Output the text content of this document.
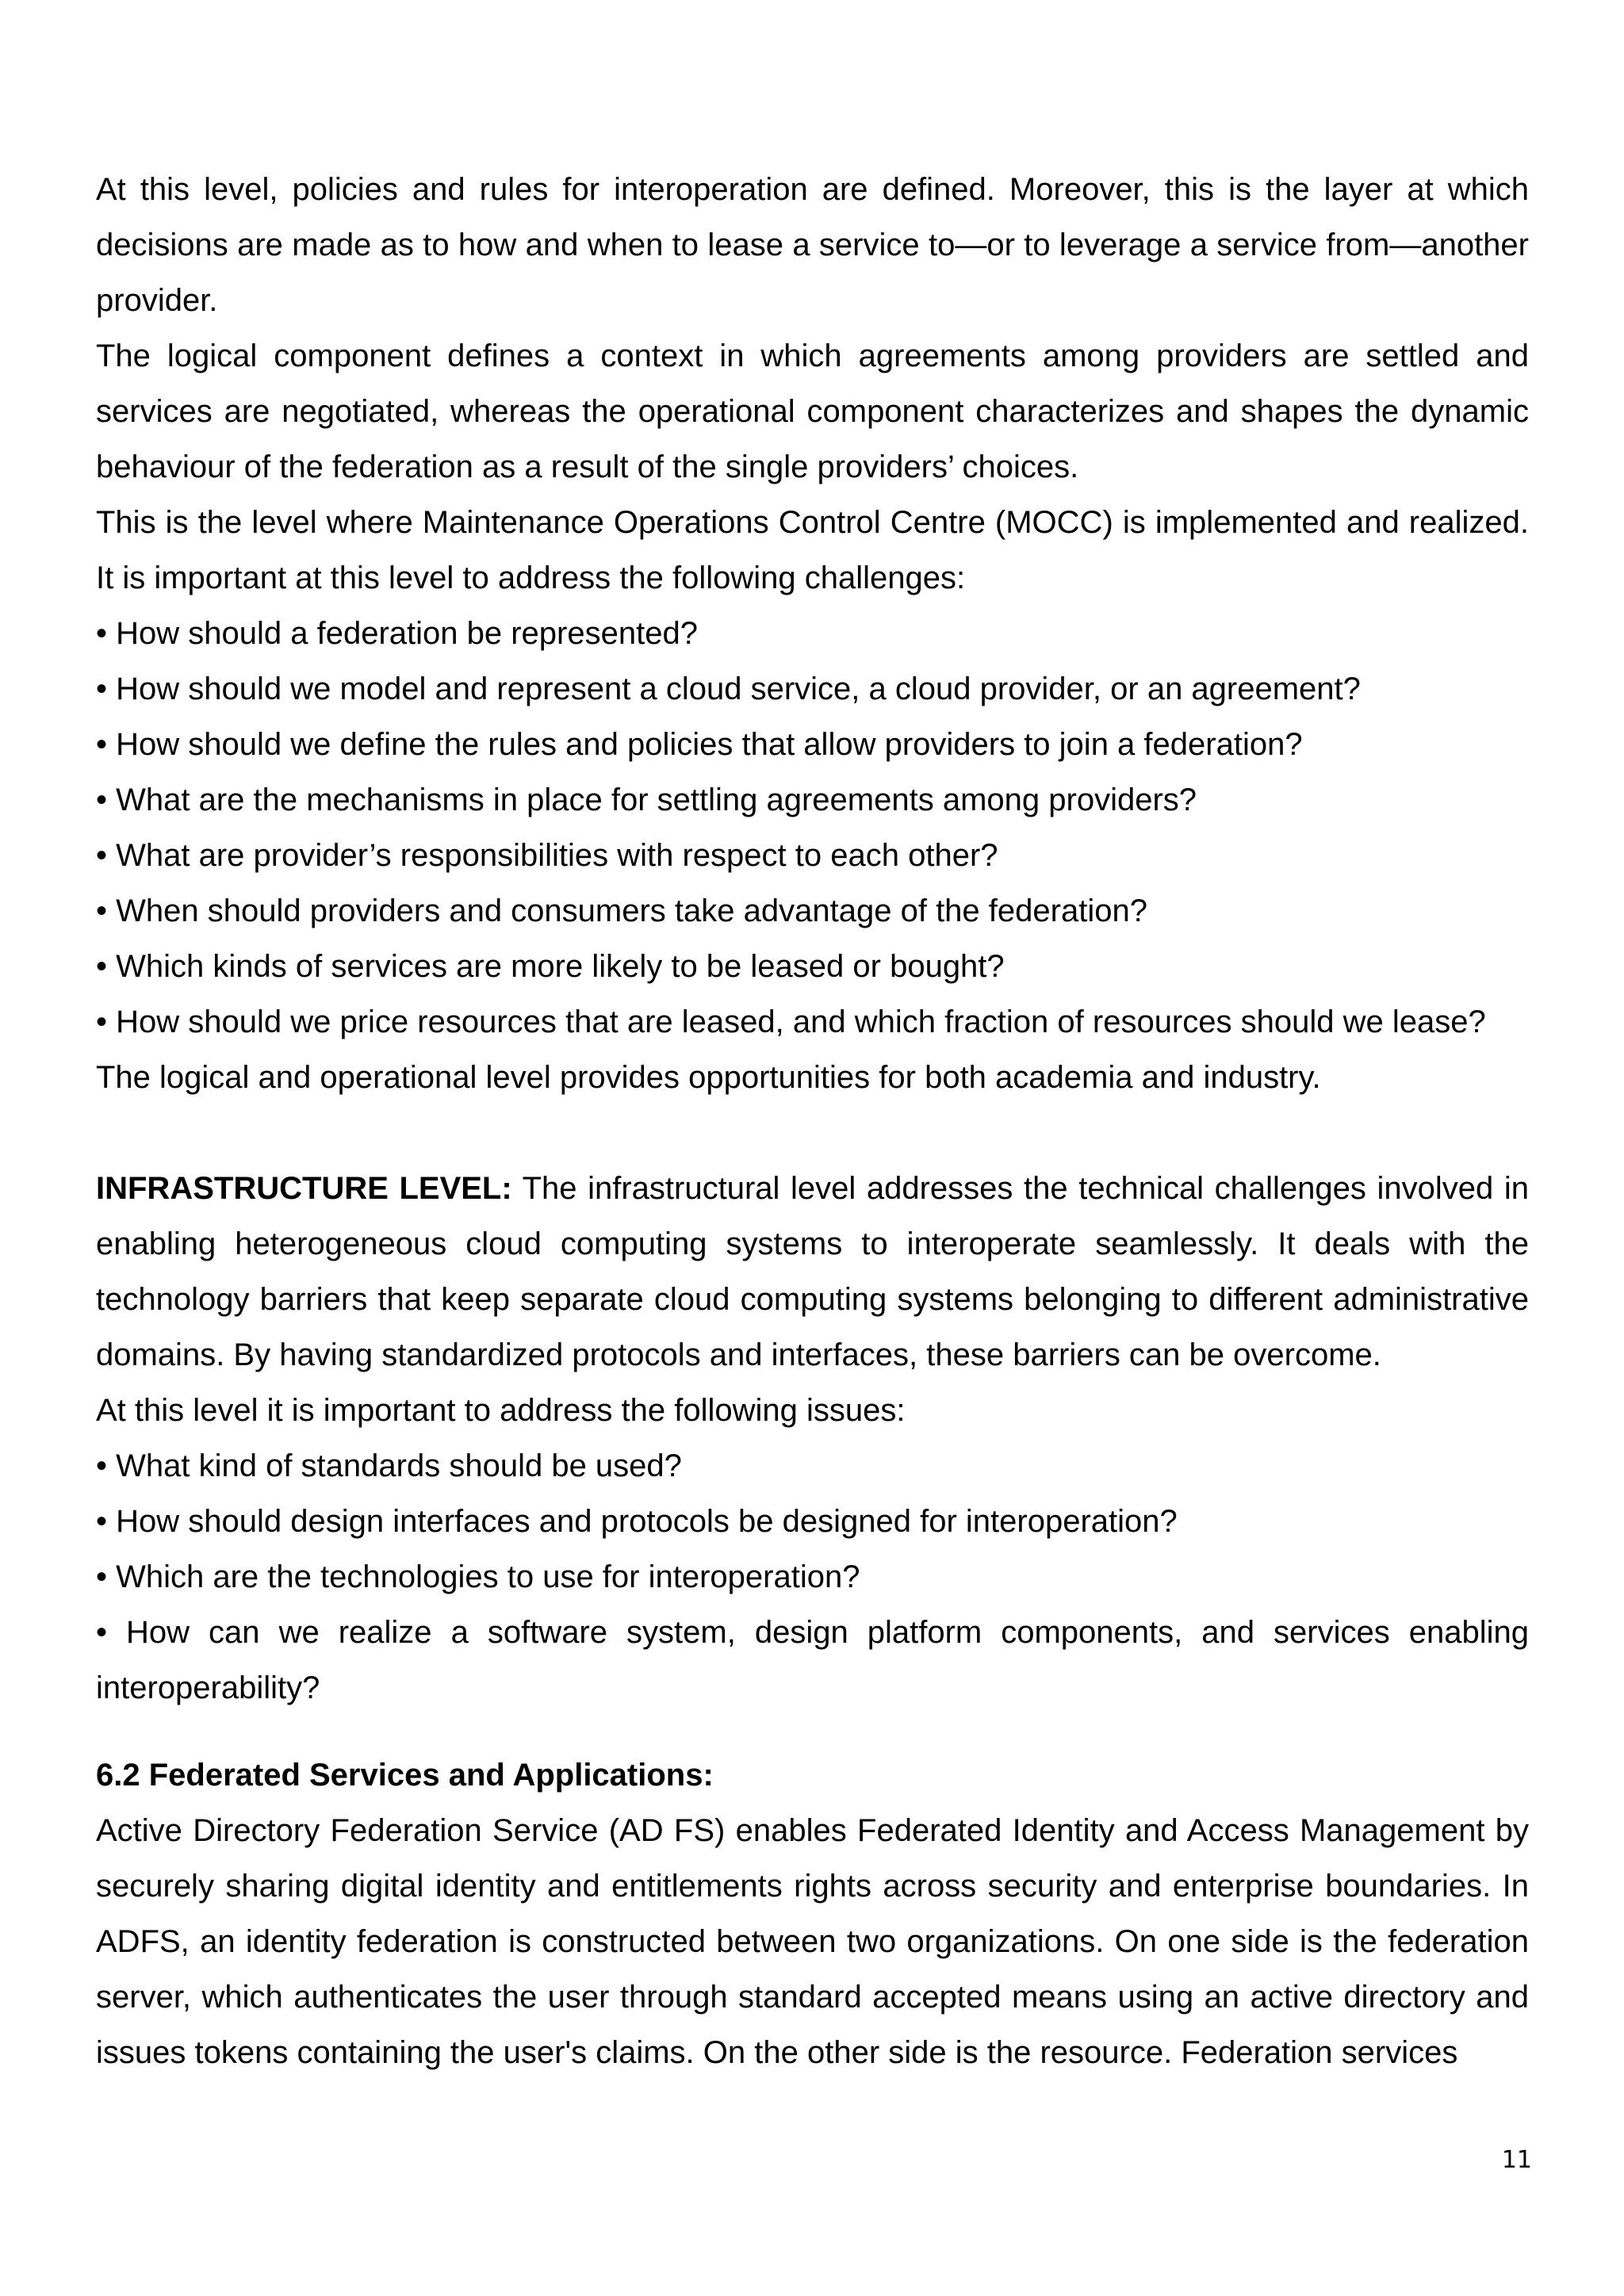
At this level, policies and rules for interoperation are defined. Moreover, this is the layer at which decisions are made as to how and when to lease a service to—or to leverage a service from—another provider.

The logical component defines a context in which agreements among providers are settled and services are negotiated, whereas the operational component characterizes and shapes the dynamic behaviour of the federation as a result of the single providers’ choices.

This is the level where Maintenance Operations Control Centre (MOCC) is implemented and realized. It is important at this level to address the following challenges:

• How should a federation be represented?

• How should we model and represent a cloud service, a cloud provider, or an agreement?

• How should we define the rules and policies that allow providers to join a federation?

• What are the mechanisms in place for settling agreements among providers?

• What are provider’s responsibilities with respect to each other?

• When should providers and consumers take advantage of the federation?

• Which kinds of services are more likely to be leased or bought?

• How should we price resources that are leased, and which fraction of resources should we lease?

The logical and operational level provides opportunities for both academia and industry.

INFRASTRUCTURE LEVEL: The infrastructural level addresses the technical challenges involved in enabling heterogeneous cloud computing systems to interoperate seamlessly. It deals with the technology barriers that keep separate cloud computing systems belonging to different administrative domains. By having standardized protocols and interfaces, these barriers can be overcome.

At this level it is important to address the following issues:

• What kind of standards should be used?

• How should design interfaces and protocols be designed for interoperation?

• Which are the technologies to use for interoperation?

• How can we realize a software system, design platform components, and services enabling interoperability?

6.2 Federated Services and Applications:

Active Directory Federation Service (AD FS) enables Federated Identity and Access Management by securely sharing digital identity and entitlements rights across security and enterprise boundaries. In ADFS, an identity federation is constructed between two organizations. On one side is the federation server, which authenticates the user through standard accepted means using an active directory and issues tokens containing the user's claims. On the other side is the resource. Federation services

11
